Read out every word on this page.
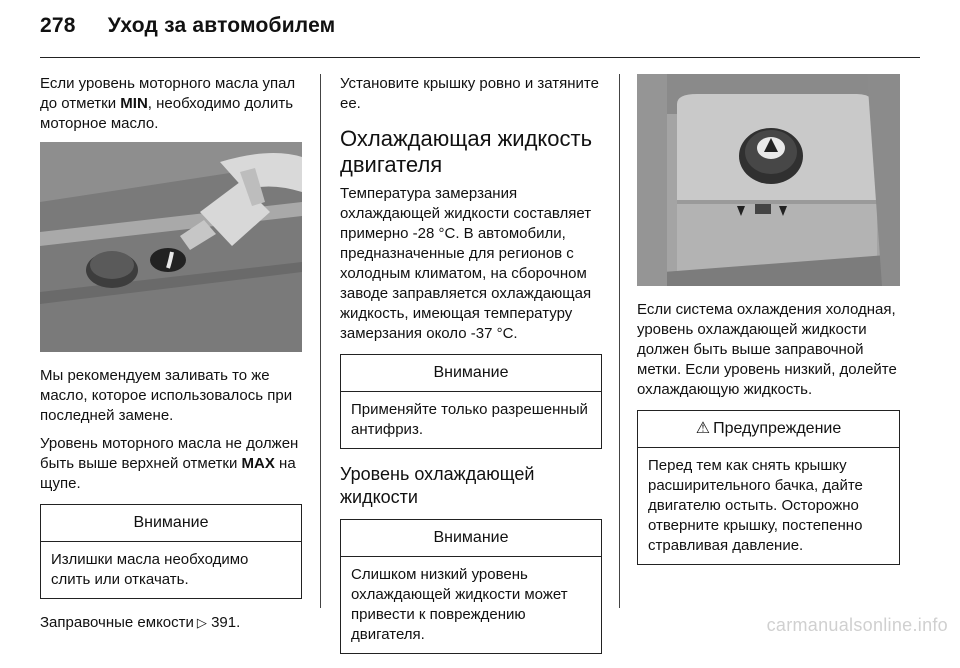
278 Уход за автомобилем

Если уровень моторного масла упал до отметки MIN, необходимо долить моторное масло.

Мы рекомендуем заливать то же масло, которое использовалось при последней замене.

Уровень моторного масла не должен быть выше верхней отметки MAX на щупе.

Внимание
Излишки масла необходимо слить или откачать.

Заправочные емкости ▷ 391.

Установите крышку ровно и затяните ее.

Охлаждающая жидкость двигателя

Температура замерзания охлаждающей жидкости составляет примерно -28 °С. В автомобили, предназначенные для регионов с холодным климатом, на сборочном заводе заправляется охлаждающая жидкость, имеющая температуру замерзания около -37 °С.

Внимание
Применяйте только разрешенный антифриз.
Уровень охлаждающей жидкости
Внимание
Слишком низкий уровень охлаждающей жидкости может привести к повреждению двигателя.

Если система охлаждения холодная, уровень охлаждающей жидкости должен быть выше заправочной метки. Если уровень низкий, долейте охлаждающую жидкость.

⚠ Предупреждение
Перед тем как снять крышку расширительного бачка, дайте двигателю остыть. Осторожно отверните крышку, постепенно стравливая давление.
carmanualsonline.info
